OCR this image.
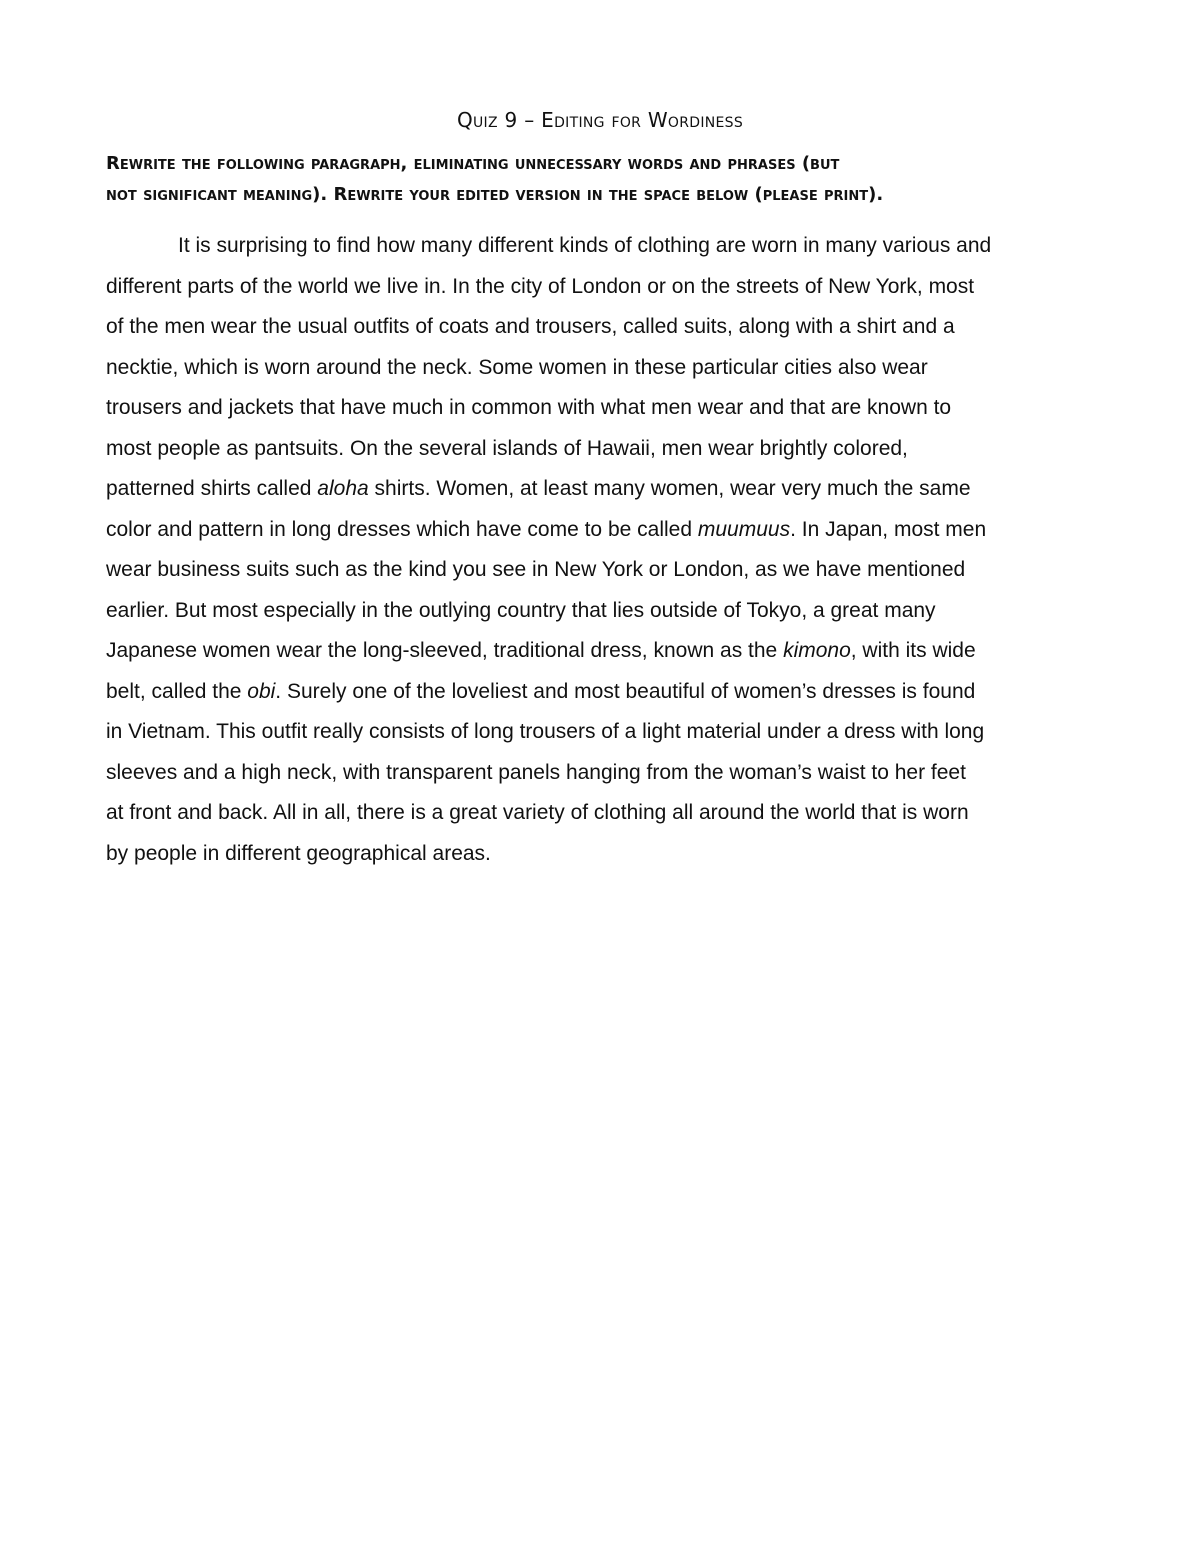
Quiz 9 – Editing for Wordiness
Rewrite the following paragraph, eliminating unnecessary words and phrases (but
not significant meaning). Rewrite your edited version in the space below (please print).
It is surprising to find how many different kinds of clothing are worn in many various and
different parts of the world we live in. In the city of London or on the streets of New York, most
of the men wear the usual outfits of coats and trousers, called suits, along with a shirt and a
necktie, which is worn around the neck. Some women in these particular cities also wear
trousers and jackets that have much in common with what men wear and that are known to
most people as pantsuits. On the several islands of Hawaii, men wear brightly colored,
patterned shirts called aloha shirts. Women, at least many women, wear very much the same
color and pattern in long dresses which have come to be called muumuus. In Japan, most men
wear business suits such as the kind you see in New York or London, as we have mentioned
earlier. But most especially in the outlying country that lies outside of Tokyo, a great many
Japanese women wear the long-sleeved, traditional dress, known as the kimono, with its wide
belt, called the obi. Surely one of the loveliest and most beautiful of women’s dresses is found
in Vietnam. This outfit really consists of long trousers of a light material under a dress with long
sleeves and a high neck, with transparent panels hanging from the woman’s waist to her feet
at front and back. All in all, there is a great variety of clothing all around the world that is worn
by people in different geographical areas.
